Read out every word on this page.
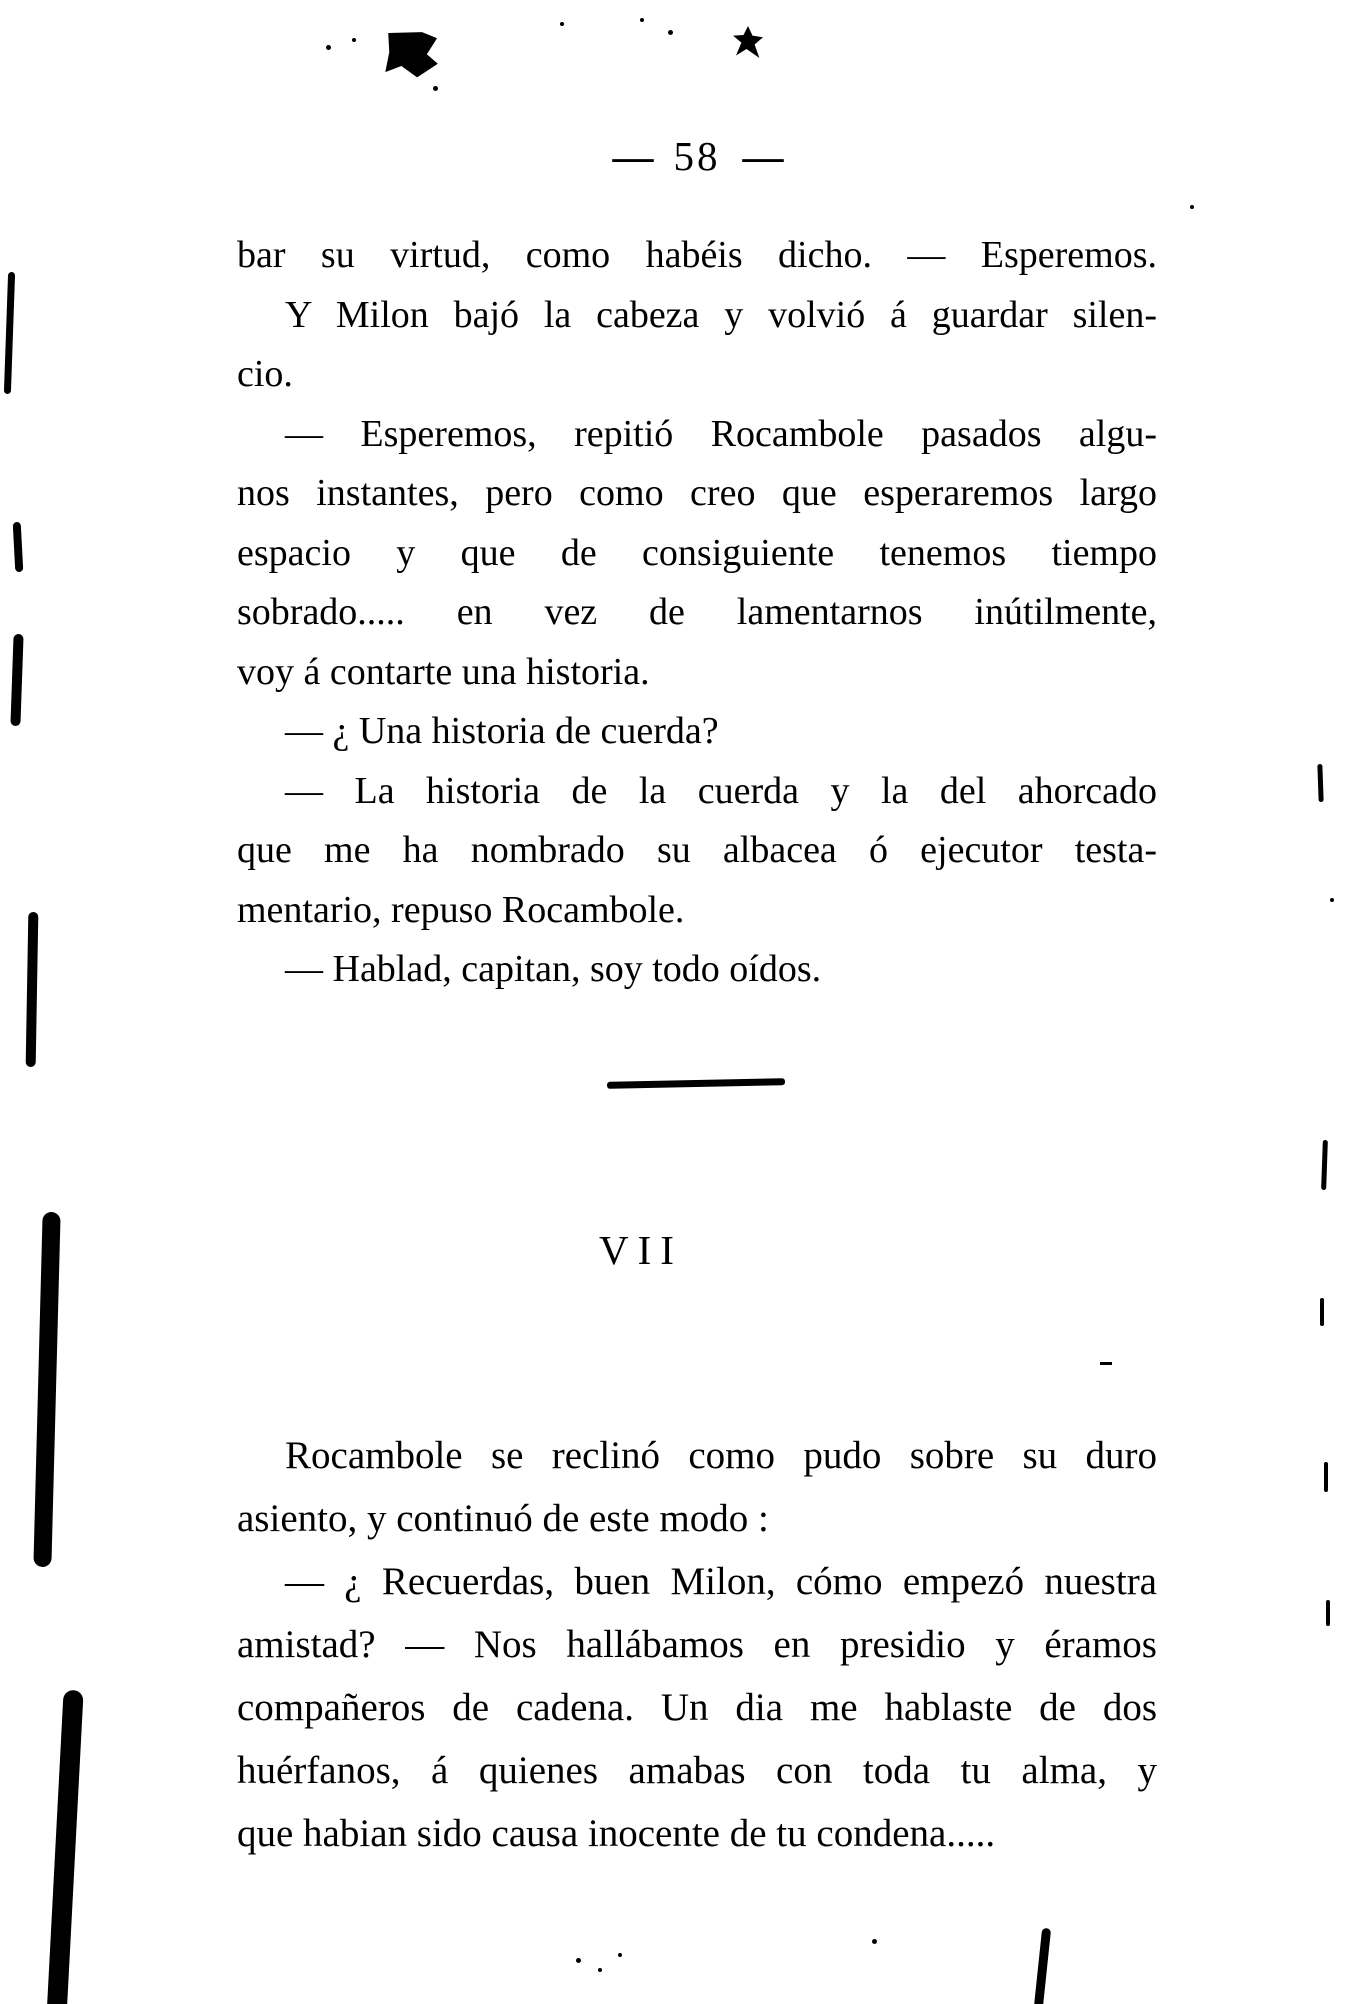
— 58 —
bar su virtud, como habéis dicho. — Esperemos.
Y Milon bajó la cabeza y volvió á guardar silen-
cio.
— Esperemos, repitió Rocambole pasados algu-
nos instantes, pero como creo que esperaremos largo
espacio y que de consiguiente tenemos tiempo
sobrado..... en vez de lamentarnos inútilmente,
voy á contarte una historia.
— ¿ Una historia de cuerda?
— La historia de la cuerda y la del ahorcado
que me ha nombrado su albacea ó ejecutor testa-
mentario, repuso Rocambole.
— Hablad, capitan, soy todo oídos.
VII
Rocambole se reclinó como pudo sobre su duro
asiento, y continuó de este modo :
— ¿ Recuerdas, buen Milon, cómo empezó nuestra
amistad? — Nos hallábamos en presidio y éramos
compañeros de cadena. Un dia me hablaste de dos
huérfanos, á quienes amabas con toda tu alma, y
que habian sido causa inocente de tu condena.....
